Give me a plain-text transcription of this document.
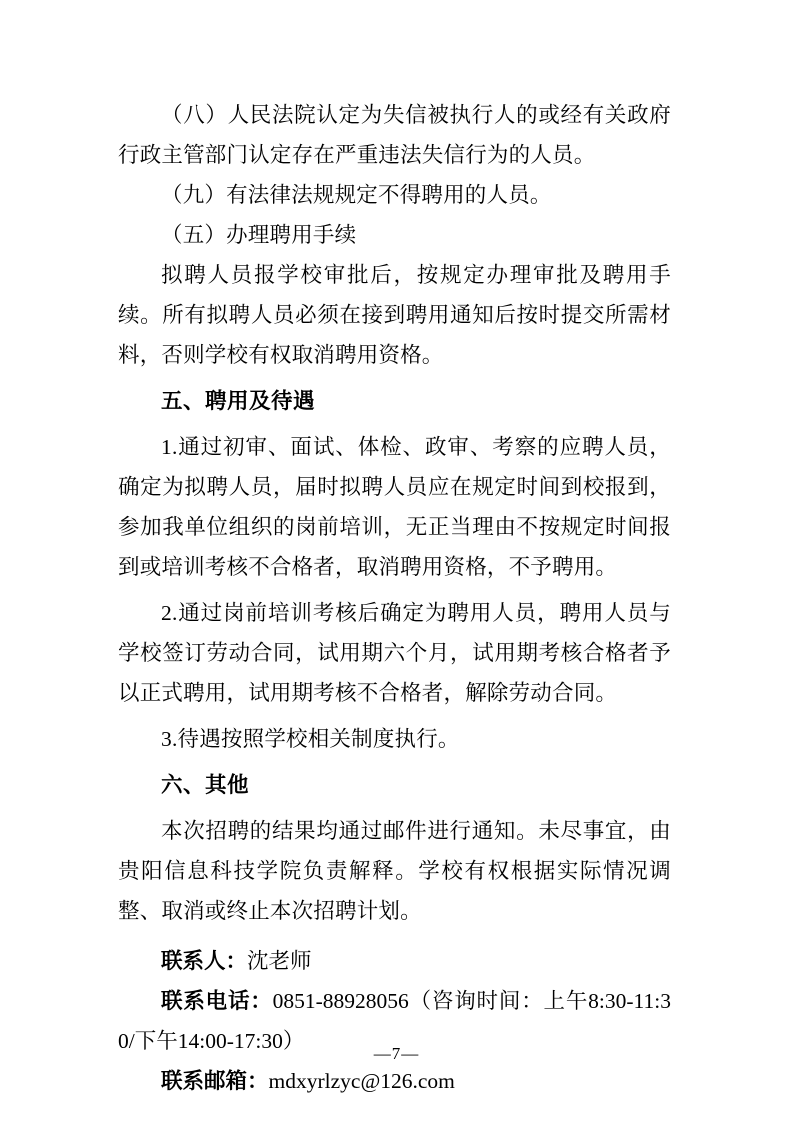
（八）人民法院认定为失信被执行人的或经有关政府行政主管部门认定存在严重违法失信行为的人员。

（九）有法律法规规定不得聘用的人员。

（五）办理聘用手续

拟聘人员报学校审批后，按规定办理审批及聘用手续。所有拟聘人员必须在接到聘用通知后按时提交所需材料，否则学校有权取消聘用资格。

五、聘用及待遇

1.通过初审、面试、体检、政审、考察的应聘人员，确定为拟聘人员，届时拟聘人员应在规定时间到校报到，参加我单位组织的岗前培训，无正当理由不按规定时间报到或培训考核不合格者，取消聘用资格，不予聘用。

2.通过岗前培训考核后确定为聘用人员，聘用人员与学校签订劳动合同，试用期六个月，试用期考核合格者予以正式聘用，试用期考核不合格者，解除劳动合同。

3.待遇按照学校相关制度执行。

六、其他

本次招聘的结果均通过邮件进行通知。未尽事宜，由贵阳信息科技学院负责解释。学校有权根据实际情况调整、取消或终止本次招聘计划。

联系人：沈老师

联系电话：0851-88928056（咨询时间：上午8:30-11:30/下午14:00-17:30）

联系邮箱：mdxyrlzyc@126.com

—7—
